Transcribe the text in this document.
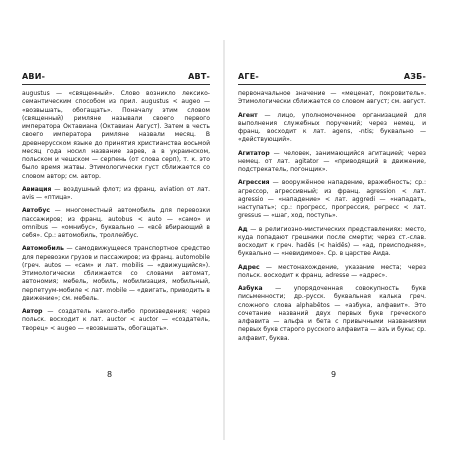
АВИ-	АВТ-

augustus — «священный». Слово возникло лексико-семантическим способом из прил. augustus < augeo — «возвышать, обогащать». Поначалу этим словом (священный) римляне называли своего первого императора Октавиана (Октавиан Август). Затем в честь своего императора римляне назвали месяц. В древнерусском языке до принятия христианства восьмой месяц года носил название зарев, а в украинском, польском и чешском — серпень (от слова серп), т. к. это было время жатвы. Этимологически густ сближается со словом автор; см. автор.

Авиация — воздушный флот; из франц. aviation от лат. avis — «птица».

Автобус — многоместный автомобиль для перевозки пассажиров; из франц. autobus < auto — «само» и omnibus — «омнибус», буквально — «всё вбирающий в себя». Ср.: автомобиль, троллейбус.

Автомобиль — самодвижущееся транспортное средство для перевозки грузов и пассажиров; из франц. automobile (греч. autos — «сам» и лат. mobilis — «движущийся»). Этимологически сближается со словами автомат, автономия; мебель, мобиль, мобилизация, мобильный, перпетуум-мобиле < лат. mobile — «двигать, приводить в движение»; см. мебель.

Автор — создатель какого-либо произведения; через польск. восходит к лат. auctor < auctor — «создатель, творец» < augeo — «возвышать, обогащать».

8
АГЕ-	АЗБ-

первоначальное значение — «меценат, покровитель». Этимологически сближается со словом август; см. август.

Агент — лицо, уполномоченное организацией для выполнения служебных поручений; через немец. и франц. восходит к лат. agens, -ntis; буквально — «действующий».

Агитатор — человек, занимающийся агитацией; через немец. от лат. agitator — «приводящий в движение, подстрекатель, погонщик».

Агрессия — вооружённое нападение, вражебность; ср.: агрессор, агрессивный; из франц. agression < лат. agressio — «нападение» < лат. aggredi — «нападать, наступать»; ср.: прогресс, прогрессия, регресс < лат. gressus — «шаг, ход, поступь».

Ад — в религиозно-мистических представлениях: место, куда попадают грешники после смерти; через ст.-слав. восходит к греч. hadēs (< haidēs) — «ад, преисподняя», буквально — «невидимое». Ср. в царстве Аида.

Адрес — местонахождение, указание места; через польск. восходит к франц. adresse — «адрес».

Азбука — упорядоченная совокупность букв письменности; др.-русск. буквальная калька греч. сложного слова alphabētos — «азбука, алфавит». Это сочетание названий двух первых букв греческого алфавита — альфа и бета с привычными названиями первых букв старого русского алфавита — азъ и букы; ср. алфавит, буква.

9
